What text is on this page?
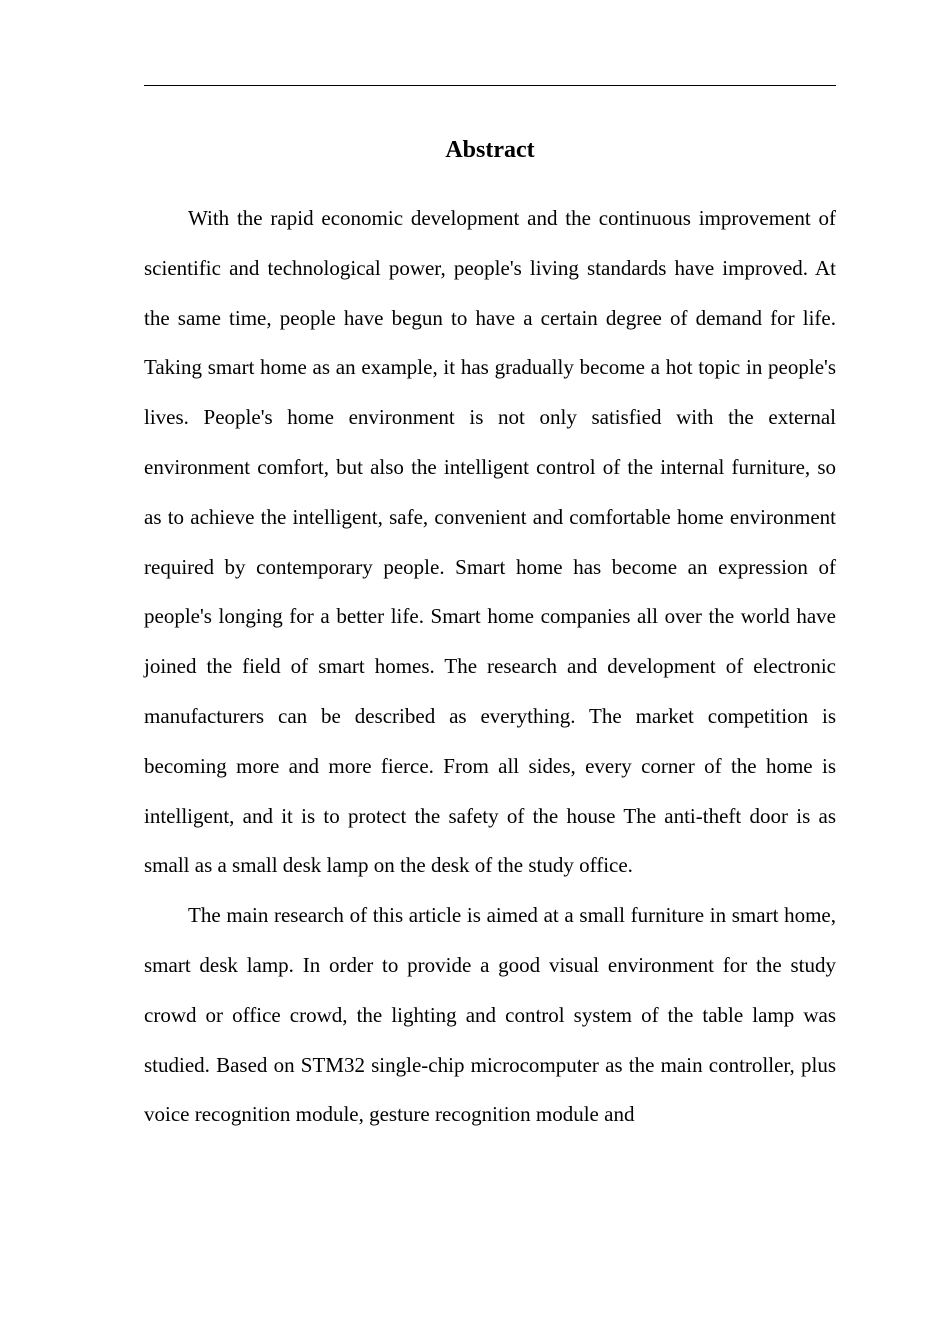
Abstract

With the rapid economic development and the continuous improvement of scientific and technological power, people's living standards have improved. At the same time, people have begun to have a certain degree of demand for life. Taking smart home as an example, it has gradually become a hot topic in people's lives. People's home environment is not only satisfied with the external environment comfort, but also the intelligent control of the internal furniture, so as to achieve the intelligent, safe, convenient and comfortable home environment required by contemporary people. Smart home has become an expression of people's longing for a better life. Smart home companies all over the world have joined the field of smart homes. The research and development of electronic manufacturers can be described as everything. The market competition is becoming more and more fierce. From all sides, every corner of the home is intelligent, and it is to protect the safety of the house The anti-theft door is as small as a small desk lamp on the desk of the study office.

The main research of this article is aimed at a small furniture in smart home, smart desk lamp. In order to provide a good visual environment for the study crowd or office crowd, the lighting and control system of the table lamp was studied. Based on STM32 single-chip microcomputer as the main controller, plus voice recognition module, gesture recognition module and
